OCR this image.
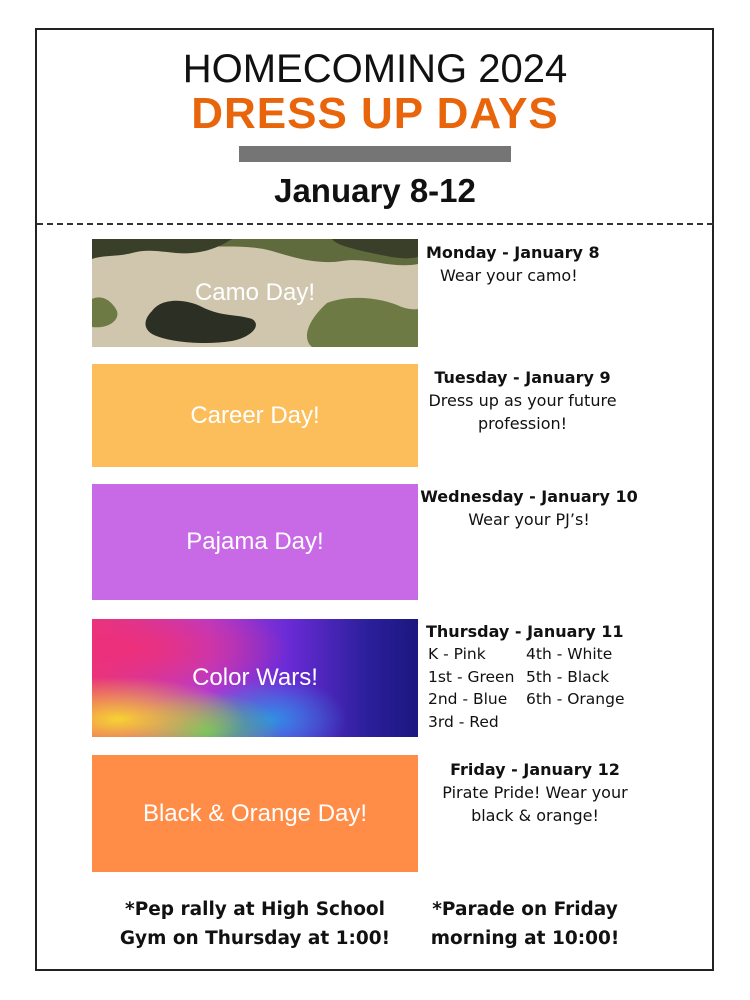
HOMECOMING 2024
DRESS UP DAYS
January 8-12
Camo Day!
Monday - January 8
Wear your camo!
Career Day!
Tuesday - January 9
Dress up as your future
profession!
Pajama Day!
Wednesday - January 10
Wear your PJ’s!
Color Wars!
Thursday - January 11
K - Pink	4th - White
1st - Green 5th - Black
2nd - Blue	6th - Orange
3rd - Red
Black & Orange Day!
Friday - January 12
Pirate Pride! Wear your
black & orange!
*Pep rally at High School
Gym on Thursday at 1:00!
*Parade on Friday
morning at 10:00!
